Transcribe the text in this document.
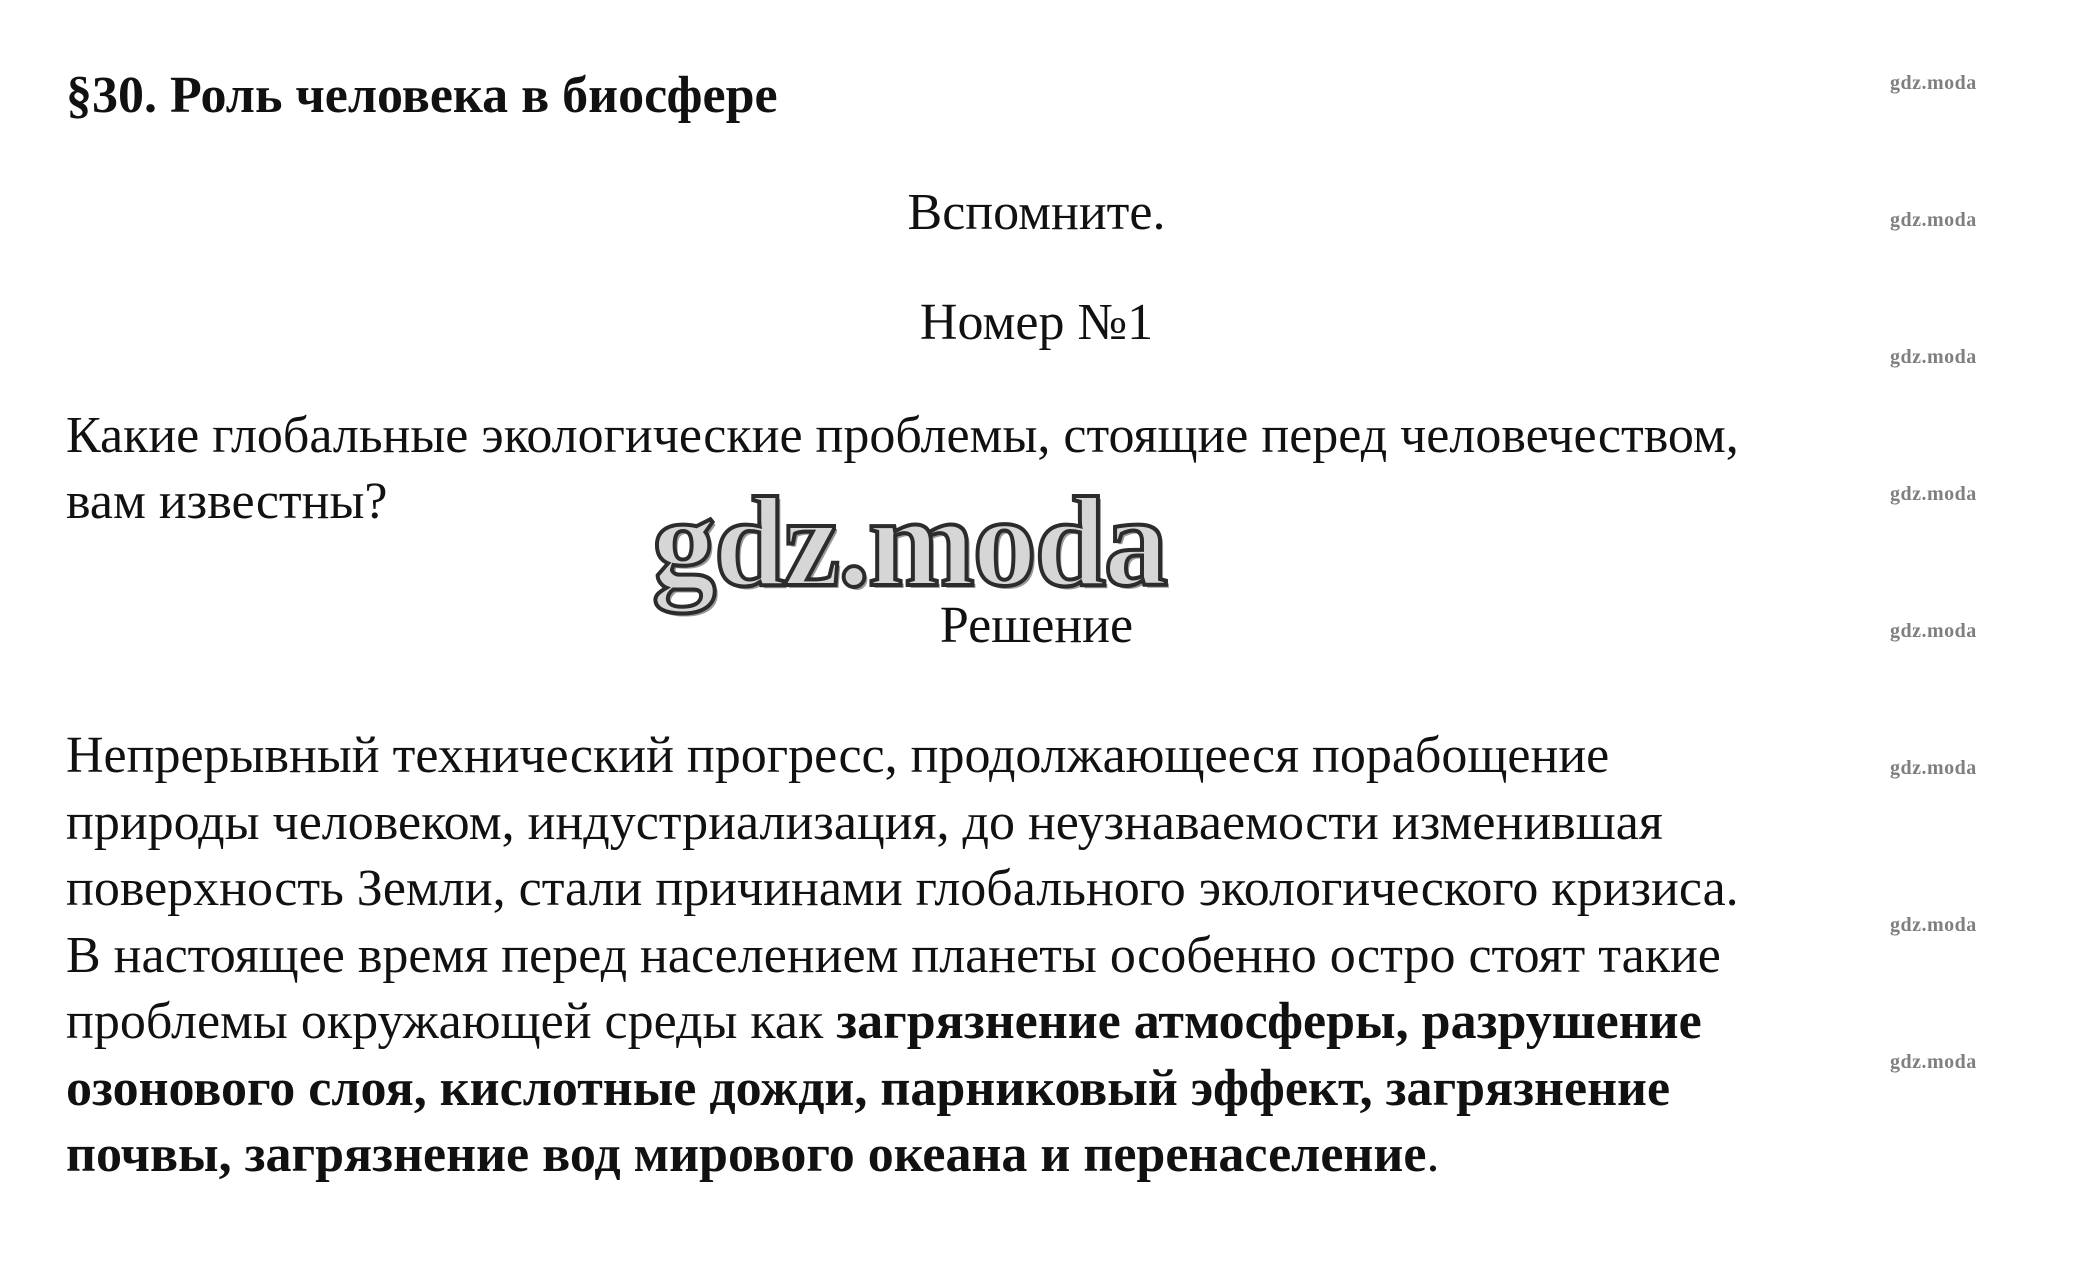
§30. Роль человека в биосфере
Вспомните.
Номер №1
Какие глобальные экологические проблемы, стоящие перед человечеством,
вам известны?	gdz.moda
Решение
Непрерывный технический прогресс, продолжающееся порабощение
природы человеком, индустриализация, до неузнаваемости изменившая
поверхность Земли, стали причинами глобального экологического кризиса.
В настоящее время перед населением планеты особенно остро стоят такие
проблемы окружающей среды как загрязнение атмосферы, разрушение
озонового слоя, кислотные дожди, парниковый эффект, загрязнение
почвы, загрязнение вод мирового океана и перенаселение.
gdz.moda
gdz.moda
gdz.moda
gdz.moda
gdz.moda
gdz.moda
gdz.moda
gdz.moda
